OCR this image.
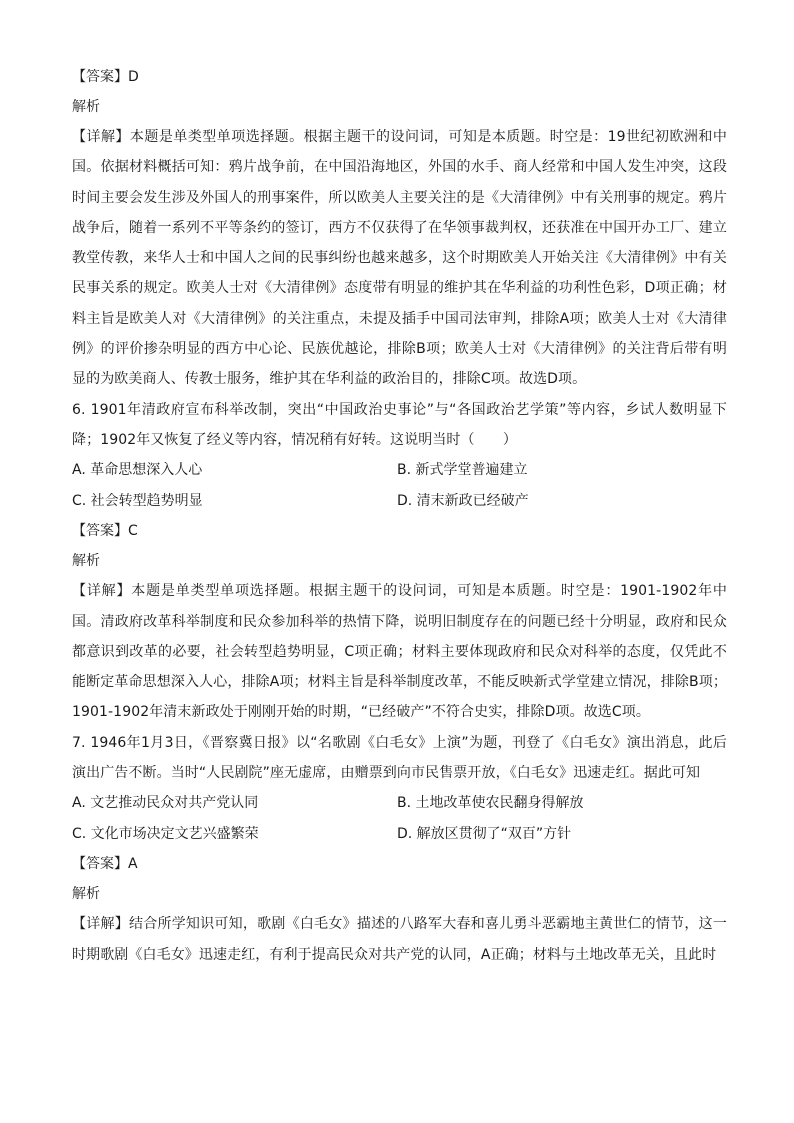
【答案】D
解析

【详解】本题是单类型单项选择题。根据主题干的设问词，可知是本质题。时空是：19世纪初欧洲和中国。依据材料概括可知：鸦片战争前，在中国沿海地区，外国的水手、商人经常和中国人发生冲突，这段时间主要会发生涉及外国人的刑事案件，所以欧美人主要关注的是《大清律例》中有关刑事的规定。鸦片战争后，随着一系列不平等条约的签订，西方不仅获得了在华领事裁判权，还获准在中国开办工厂、建立教堂传教，来华人士和中国人之间的民事纠纷也越来越多，这个时期欧美人开始关注《大清律例》中有关民事关系的规定。欧美人士对《大清律例》态度带有明显的维护其在华利益的功利性色彩，D项正确；材料主旨是欧美人对《大清律例》的关注重点，未提及插手中国司法审判，排除A项；欧美人士对《大清律例》的评价掺杂明显的西方中心论、民族优越论，排除B项；欧美人士对《大清律例》的关注背后带有明显的为欧美商人、传教士服务，维护其在华利益的政治目的，排除C项。故选D项。

6. 1901年清政府宣布科举改制，突出“中国政治史事论”与“各国政治艺学策”等内容，乡试人数明显下降；1902年又恢复了经义等内容，情况稍有好转。这说明当时（　　）

A. 革命思想深入人心	B. 新式学堂普遍建立
C. 社会转型趋势明显	D. 清末新政已经破产
【答案】C
解析

【详解】本题是单类型单项选择题。根据主题干的设问词，可知是本质题。时空是：1901-1902年中国。清政府改革科举制度和民众参加科举的热情下降，说明旧制度存在的问题已经十分明显，政府和民众都意识到改革的必要，社会转型趋势明显，C项正确；材料主要体现政府和民众对科举的态度，仅凭此不能断定革命思想深入人心，排除A项；材料主旨是科举制度改革，不能反映新式学堂建立情况，排除B项；1901-1902年清末新政处于刚刚开始的时期，“已经破产”不符合史实，排除D项。故选C项。

7. 1946年1月3日，《晋察冀日报》以“名歌剧《白毛女》上演”为题，刊登了《白毛女》演出消息，此后演出广告不断。当时“人民剧院”座无虚席，由赠票到向市民售票开放，《白毛女》迅速走红。据此可知

A. 文艺推动民众对共产党认同	B. 土地改革使农民翻身得解放
C. 文化市场决定文艺兴盛繁荣	D. 解放区贯彻了“双百”方针
【答案】A
解析

【详解】结合所学知识可知，歌剧《白毛女》描述的八路军大春和喜儿勇斗恶霸地主黄世仁的情节，这一时期歌剧《白毛女》迅速走红，有利于提高民众对共产党的认同，A正确；材料与土地改革无关，且此时
